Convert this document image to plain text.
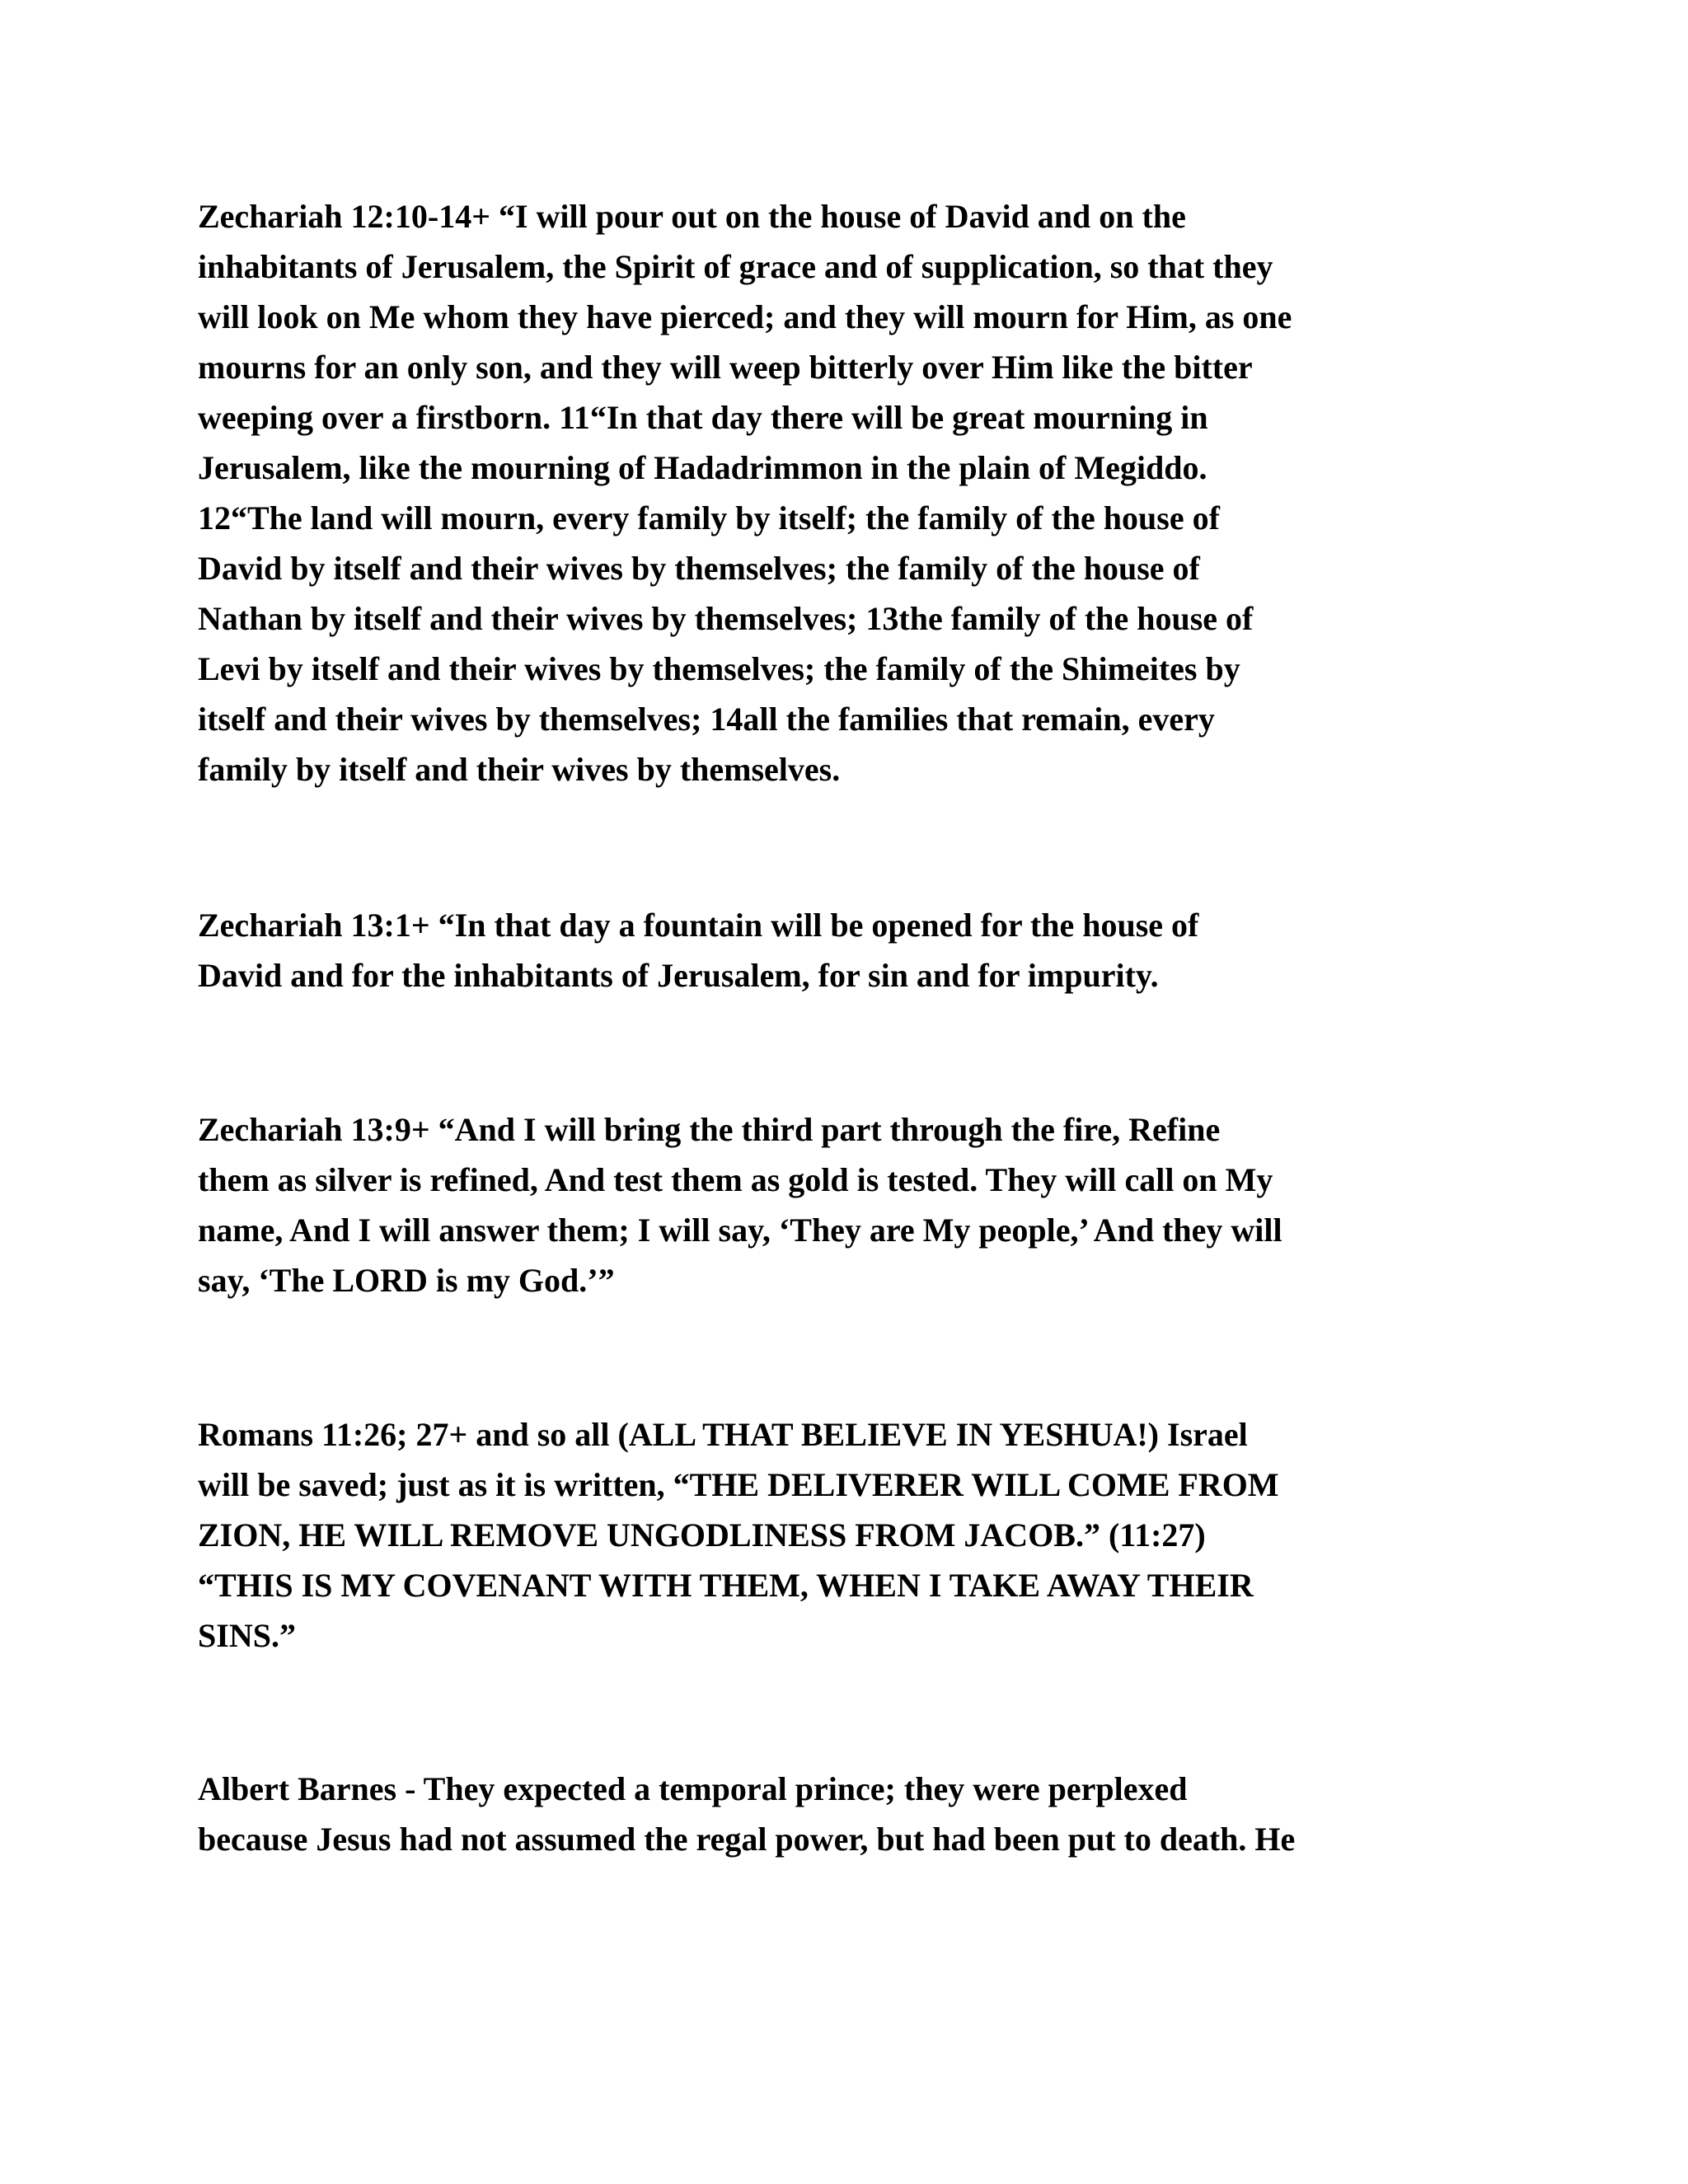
Zechariah 12:10-14+ “I will pour out on the house of David and on the
inhabitants of Jerusalem, the Spirit of grace and of supplication, so that they
will look on Me whom they have pierced; and they will mourn for Him, as one
mourns for an only son, and they will weep bitterly over Him like the bitter
weeping over a firstborn. 11“In that day there will be great mourning in
Jerusalem, like the mourning of Hadadrimmon in the plain of Megiddo.
12“The land will mourn, every family by itself; the family of the house of
David by itself and their wives by themselves; the family of the house of
Nathan by itself and their wives by themselves; 13the family of the house of
Levi by itself and their wives by themselves; the family of the Shimeites by
itself and their wives by themselves; 14all the families that remain, every
family by itself and their wives by themselves.

Zechariah 13:1+ “In that day a fountain will be opened for the house of
David and for the inhabitants of Jerusalem, for sin and for impurity.

Zechariah 13:9+ “And I will bring the third part through the fire, Refine
them as silver is refined, And test them as gold is tested. They will call on My
name, And I will answer them; I will say, ‘They are My people,’ And they will
say, ‘The LORD is my God.’”

Romans 11:26; 27+ and so all (ALL THAT BELIEVE IN YESHUA!) Israel
will be saved; just as it is written, “THE DELIVERER WILL COME FROM
ZION, HE WILL REMOVE UNGODLINESS FROM JACOB.” (11:27)
“THIS IS MY COVENANT WITH THEM, WHEN I TAKE AWAY THEIR
SINS.”

Albert Barnes - They expected a temporal prince; they were perplexed
because Jesus had not assumed the regal power, but had been put to death. He
